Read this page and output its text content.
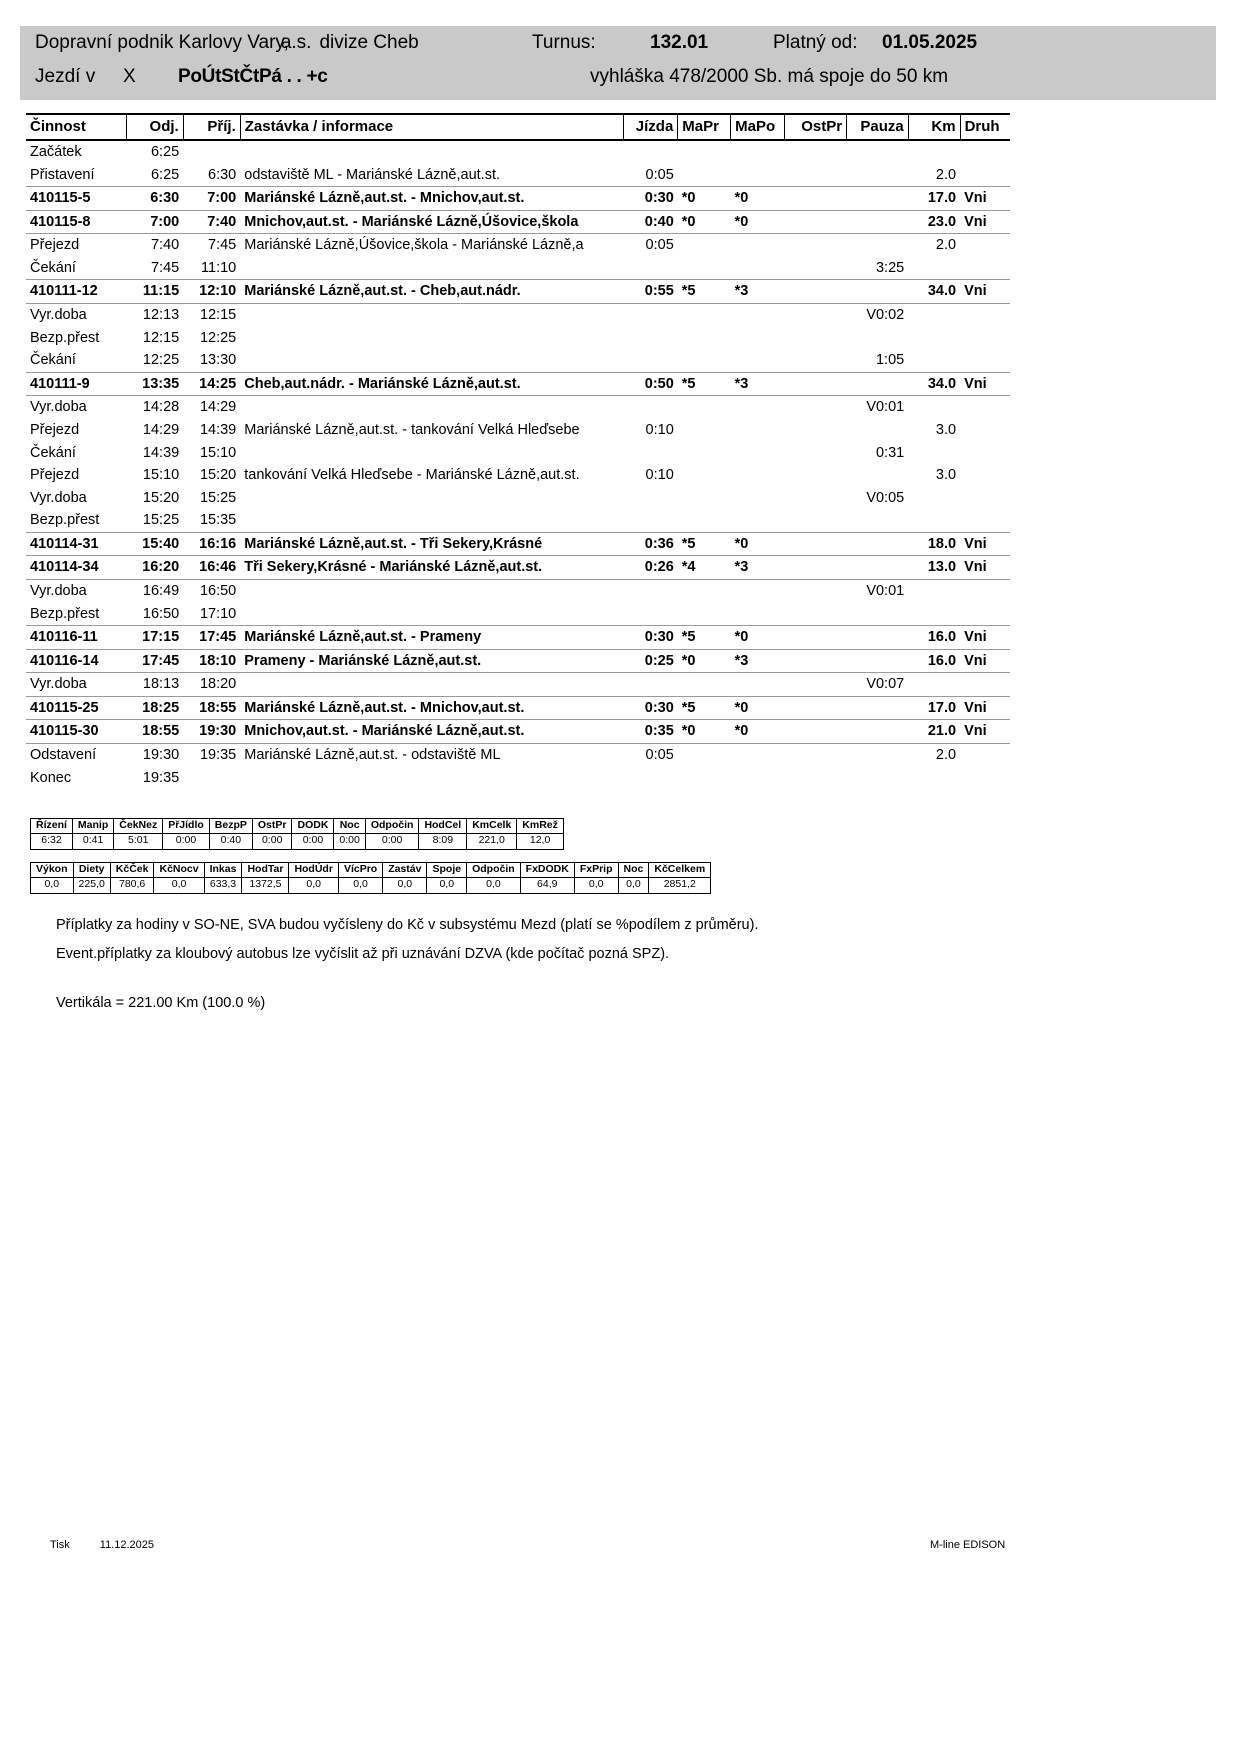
Dopravní podnik Karlovy Vary,a.s. divize Cheb	Turnus:	132.01	Platný od: 01.05.2025
Jezdí v X PoÚtStČtPá . . +c	vyhláška 478/2000 Sb. má spoje do 50 km
Činnost	Odj.	Příj.	Zastávka / informace	Jízda	MaPr	MaPo	OstPr	Pauza	Km	Druh
Začátek	6:25									
Přistavení	6:25	6:30	odstaviště ML - Mariánské Lázně,aut.st.	0:05					2.0	
410115-5	6:30	7:00	Mariánské Lázně,aut.st. - Mnichov,aut.st.	0:30	*0	*0			17.0	Vni
410115-8	7:00	7:40	Mnichov,aut.st. - Mariánské Lázně,Úšovice,škola	0:40	*0	*0			23.0	Vni
Přejezd	7:40	7:45	Mariánské Lázně,Úšovice,škola - Mariánské Lázně,a	0:05					2.0	
Čekání	7:45	11:10						3:25		
410111-12	11:15	12:10	Mariánské Lázně,aut.st. - Cheb,aut.nádr.	0:55	*5	*3			34.0	Vni
Vyr.doba	12:13	12:15						V0:02		
Bezp.přest	12:15	12:25								
Čekání	12:25	13:30						1:05		
410111-9	13:35	14:25	Cheb,aut.nádr. - Mariánské Lázně,aut.st.	0:50	*5	*3			34.0	Vni
Vyr.doba	14:28	14:29						V0:01		
Přejezd	14:29	14:39	Mariánské Lázně,aut.st. - tankování Velká Hleďsebe	0:10					3.0	
Čekání	14:39	15:10						0:31		
Přejezd	15:10	15:20	tankování Velká Hleďsebe - Mariánské Lázně,aut.st.	0:10					3.0	
Vyr.doba	15:20	15:25						V0:05		
Bezp.přest	15:25	15:35								
410114-31	15:40	16:16	Mariánské Lázně,aut.st. - Tři Sekery,Krásné	0:36	*5	*0			18.0	Vni
410114-34	16:20	16:46	Tři Sekery,Krásné - Mariánské Lázně,aut.st.	0:26	*4	*3			13.0	Vni
Vyr.doba	16:49	16:50						V0:01		
Bezp.přest	16:50	17:10								
410116-11	17:15	17:45	Mariánské Lázně,aut.st. - Prameny	0:30	*5	*0			16.0	Vni
410116-14	17:45	18:10	Prameny - Mariánské Lázně,aut.st.	0:25	*0	*3			16.0	Vni
Vyr.doba	18:13	18:20						V0:07		
410115-25	18:25	18:55	Mariánské Lázně,aut.st. - Mnichov,aut.st.	0:30	*5	*0			17.0	Vni
410115-30	18:55	19:30	Mnichov,aut.st. - Mariánské Lázně,aut.st.	0:35	*0	*0			21.0	Vni
Odstavení	19:30	19:35	Mariánské Lázně,aut.st. - odstaviště ML	0:05					2.0	
Konec	19:35									
Řízení	Manip	ČekNez	PřJídlo	BezpP	OstPr	DODK	Noc	Odpočin	HodCel	KmCelk	KmRež
6:32	0:41	5:01	0:00	0:40	0:00	0:00	0:00	0:00	8:09	221,0	12,0
Výkon	Diety	KčČek	KčNocv	Inkas	HodTar	HodÚdr	VícPro	Zastáv	Spoje	Odpočin	FxDODK	FxPrip	Noc	KčCelkem
0,0	225,0	780,6	0,0	633,3	1372,5	0,0	0,0	0,0	0,0	0,0	64,9	0,0	0,0	2851,2
Příplatky za hodiny v SO-NE, SVA budou vyčísleny do Kč v subsystému Mezd (platí se %podílem z průměru).
Event.příplatky za kloubový autobus lze vyčíslit až při uznávání DZVA (kde počítač pozná SPZ).
Vertikála = 221.00 Km (100.0 %)
Tisk	11.12.2025	M-line EDISON
